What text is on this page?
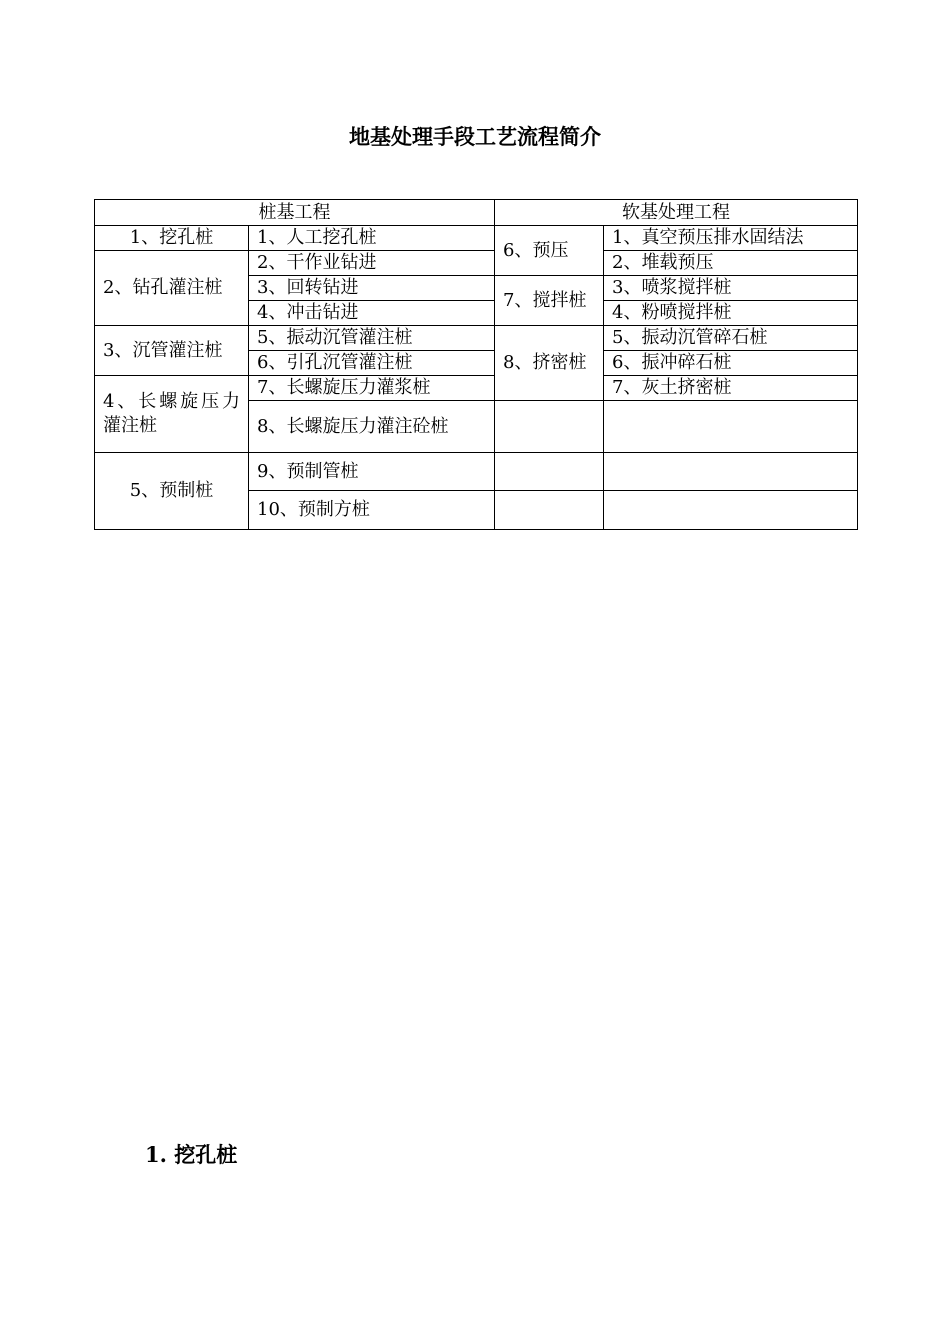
地基处理手段工艺流程简介
桩基工程		软基处理工程	
1、挖孔桩	1、人工挖孔桩	6、预压	1、真空预压排水固结法
2、钻孔灌注桩	2、干作业钻进		2、堆载预压
	3、回转钻进	7、搅拌桩	3、喷浆搅拌桩
	4、冲击钻进		4、粉喷搅拌桩
3、沉管灌注桩	5、振动沉管灌注桩	8、挤密桩	5、振动沉管碎石桩
	6、引孔沉管灌注桩		6、振冲碎石桩
4、长螺旋压力灌注桩	7、长螺旋压力灌浆桩		7、灰土挤密桩
	8、长螺旋压力灌注砼桩		
5、预制桩	9、预制管桩		
	10、预制方桩		
1. 挖孔桩
